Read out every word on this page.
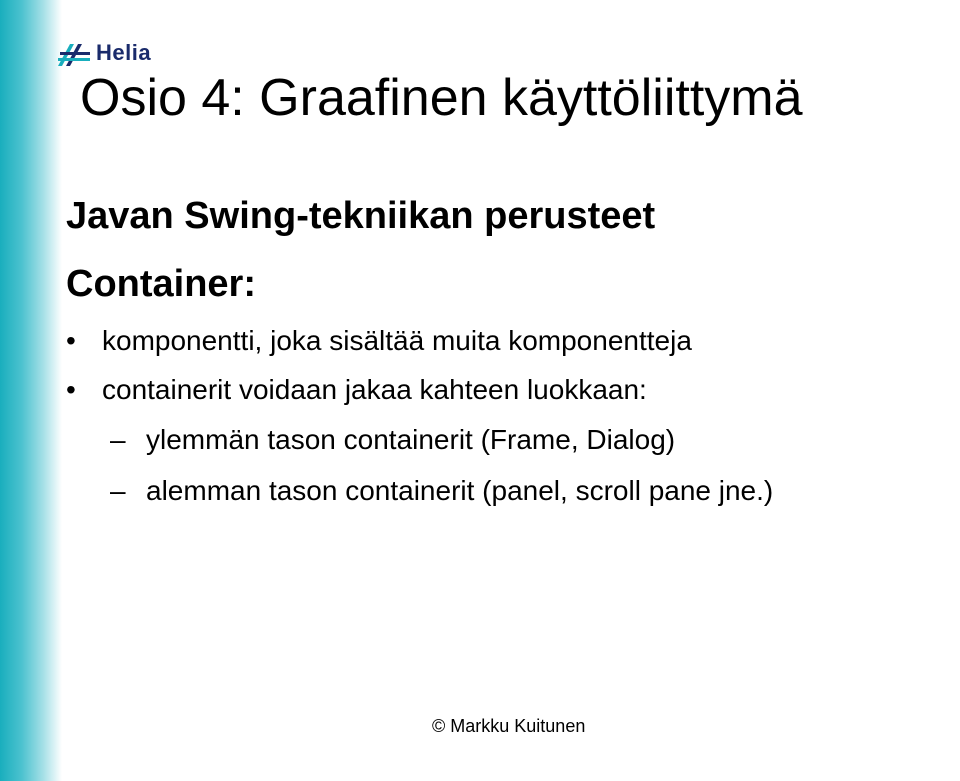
Helia
Osio 4: Graafinen käyttöliittymä
Javan Swing-tekniikan perusteet
Container:
• komponentti, joka sisältää muita komponentteja
• containerit voidaan jakaa kahteen luokkaan:
– ylemmän tason containerit (Frame, Dialog)
– alemman tason containerit (panel, scroll pane jne.)
© Markku Kuitunen
